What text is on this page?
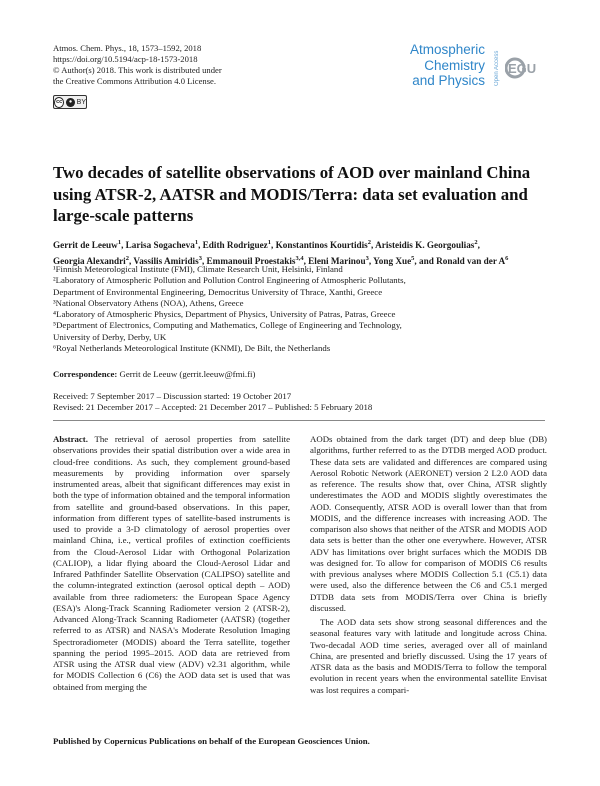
Atmos. Chem. Phys., 18, 1573–1592, 2018
https://doi.org/10.5194/acp-18-1573-2018
© Author(s) 2018. This work is distributed under
the Creative Commons Attribution 4.0 License.
cc	● BY
Atmospheric
Chemistry
and Physics Open Access EGU
Two decades of satellite observations of AOD over mainland China using ATSR-2, AATSR and MODIS/Terra: data set evaluation and large-scale patterns
Gerrit de Leeuw$^1$, Larisa Sogacheva$^1$, Edith Rodriguez$^1$, Konstantinos Kourtidis$^2$, Aristeidis K. Georgoulias$^2$, Georgia Alexandri$^2$, Vassilis Amiridis$^3$, Emmanouil Proestakis$^{3,4}$, Eleni Marinou$^3$, Yong Xue$^5$, and Ronald van der $A^6$
¹Finnish Meteorological Institute (FMI), Climate Research Unit, Helsinki, Finland
²Laboratory of Atmospheric Pollution and Pollution Control Engineering of Atmospheric Pollutants,
Department of Environmental Engineering, Democritus University of Thrace, Xanthi, Greece
³National Observatory Athens (NOA), Athens, Greece
⁴Laboratory of Atmospheric Physics, Department of Physics, University of Patras, Patras, Greece
⁵Department of Electronics, Computing and Mathematics, College of Engineering and Technology,
University of Derby, Derby, UK
⁶Royal Netherlands Meteorological Institute (KNMI), De Bilt, the Netherlands
Correspondence: Gerrit de Leeuw (gerrit.leeuw@fmi.fi)
Received: 7 September 2017 – Discussion started: 19 October 2017
Revised: 21 December 2017 – Accepted: 21 December 2017 – Published: 5 February 2018

Abstract. The retrieval of aerosol properties from satellite observations provides their spatial distribution over a wide area in cloud-free conditions. As such, they complement ground-based measurements by providing information over sparsely instrumented areas, albeit that significant differences may exist in both the type of information obtained and the temporal information from satellite and ground-based observations. In this paper, information from different types of satellite-based instruments is used to provide a 3-D climatology of aerosol properties over mainland China, i.e., vertical profiles of extinction coefficients from the Cloud-Aerosol Lidar with Orthogonal Polarization (CALIOP), a lidar flying aboard the Cloud-Aerosol Lidar and Infrared Pathfinder Satellite Observation (CALIPSO) satellite and the column-integrated extinction (aerosol optical depth – AOD) available from three radiometers: the European Space Agency (ESA)'s Along-Track Scanning Radiometer version 2 (ATSR-2), Advanced Along-Track Scanning Radiometer (AATSR) (together referred to as ATSR) and NASA's Moderate Resolution Imaging Spectroradiometer (MODIS) aboard the Terra satellite, together spanning the period 1995–2015. AOD data are retrieved from ATSR using the ATSR dual view (ADV) v2.31 algorithm, while for MODIS Collection 6 (C6) the AOD data set is used that was obtained from merging the

AODs obtained from the dark target (DT) and deep blue (DB) algorithms, further referred to as the DTDB merged AOD product. These data sets are validated and differences are compared using Aerosol Robotic Network (AERONET) version 2 L2.0 AOD data as reference. The results show that, over China, ATSR slightly underestimates the AOD and MODIS slightly overestimates the AOD. Consequently, ATSR AOD is overall lower than that from MODIS, and the difference increases with increasing AOD. The comparison also shows that neither of the ATSR and MODIS AOD data sets is better than the other one everywhere. However, ATSR ADV has limitations over bright surfaces which the MODIS DB was designed for. To allow for comparison of MODIS C6 results with previous analyses where MODIS Collection 5.1 (C5.1) data were used, also the difference between the C6 and C5.1 merged DTDB data sets from MODIS/Terra over China is briefly discussed.

The AOD data sets show strong seasonal differences and the seasonal features vary with latitude and longitude across China. Two-decadal AOD time series, averaged over all of mainland China, are presented and briefly discussed. Using the 17 years of ATSR data as the basis and MODIS/Terra to follow the temporal evolution in recent years when the environmental satellite Envisat was lost requires a compari-

Published by Copernicus Publications on behalf of the European Geosciences Union.
